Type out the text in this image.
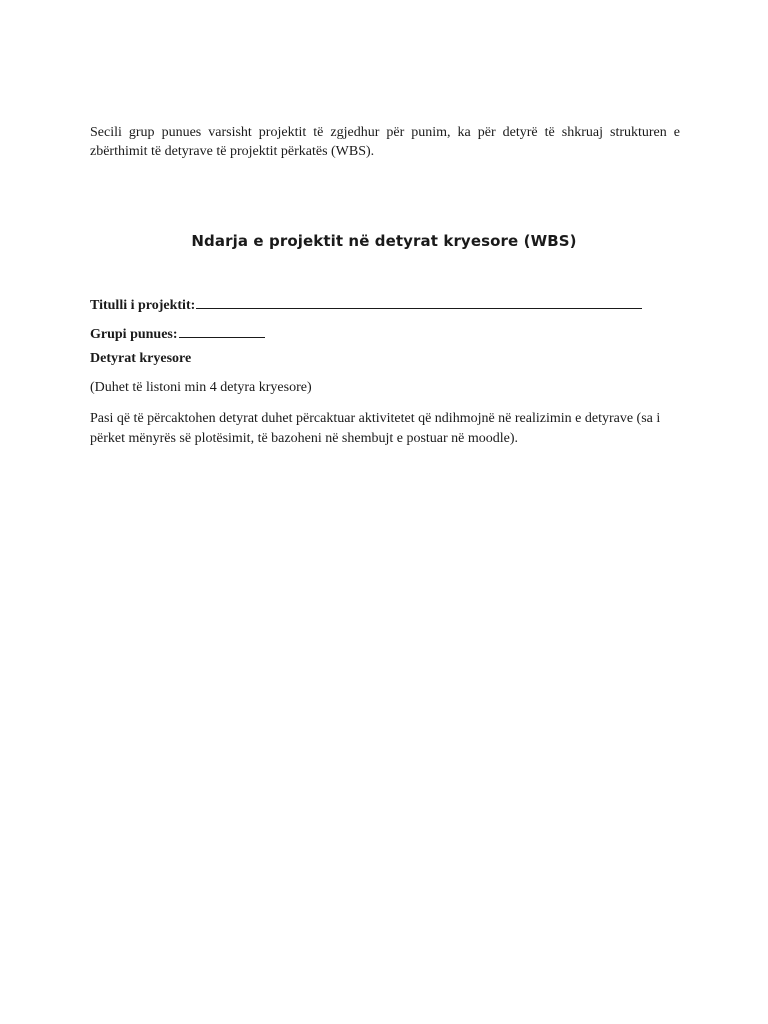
Secili grup punues varsisht projektit të zgjedhur për punim, ka për detyrë të shkruaj strukturen e zbërthimit të detyrave të projektit përkatës (WBS).

Ndarja e projektit në detyrat kryesore (WBS)

Titulli i projektit:

Grupi punues:

Detyrat kryesore

(Duhet të listoni min 4 detyra kryesore)

Pasi që të përcaktohen detyrat duhet përcaktuar aktivitetet që ndihmojnë në realizimin e detyrave (sa i përket mënyrës së plotësimit, të bazoheni në shembujt e postuar në moodle).
